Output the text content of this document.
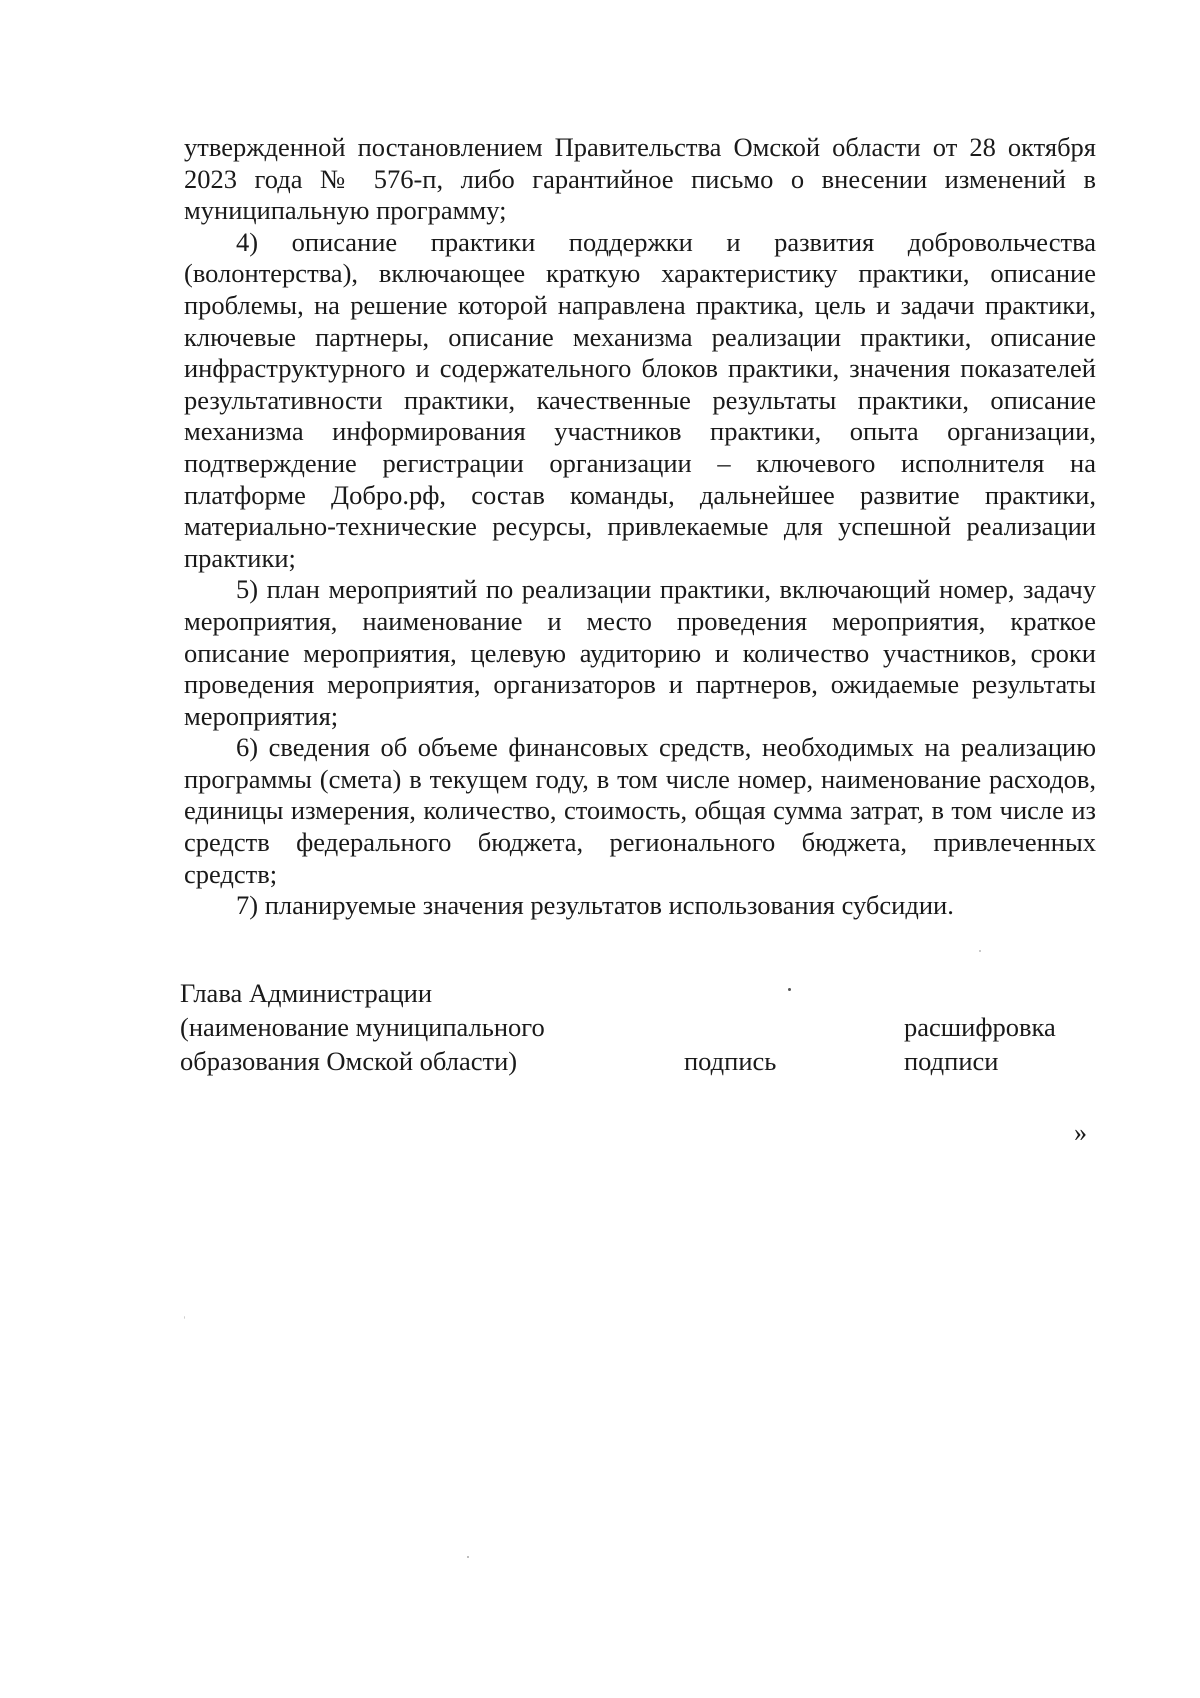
утвержденной постановлением Правительства Омской области от 28 октября 2023 года № 576-п, либо гарантийное письмо о внесении изменений в муниципальную программу;

4) описание практики поддержки и развития добровольчества (волонтерства), включающее краткую характеристику практики, описание проблемы, на решение которой направлена практика, цель и задачи практики, ключевые партнеры, описание механизма реализации практики, описание инфраструктурного и содержательного блоков практики, значения показателей результативности практики, качественные результаты практики, описание механизма информирования участников практики, опыта организации, подтверждение регистрации организации – ключевого исполнителя на платформе Добро.рф, состав команды, дальнейшее развитие практики, материально-технические ресурсы, привлекаемые для успешной реализации практики;

5) план мероприятий по реализации практики, включающий номер, задачу мероприятия, наименование и место проведения мероприятия, краткое описание мероприятия, целевую аудиторию и количество участников, сроки проведения мероприятия, организаторов и партнеров, ожидаемые результаты мероприятия;

6) сведения об объеме финансовых средств, необходимых на реализацию программы (смета) в текущем году, в том числе номер, наименование расходов, единицы измерения, количество, стоимость, общая сумма затрат, в том числе из средств федерального бюджета, регионального бюджета, привлеченных средств;

7) планируемые значения результатов использования субсидии.

Глава Администрации
(наименование муниципального
образования Омской области)	подпись
расшифровка
подписи
»
